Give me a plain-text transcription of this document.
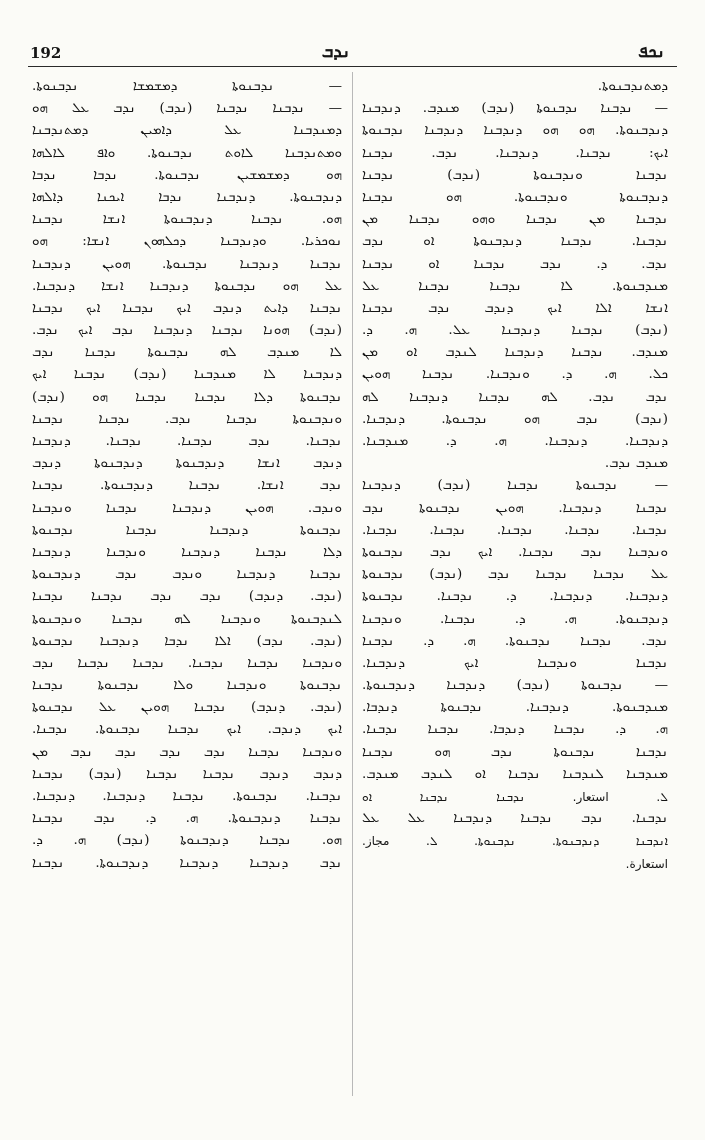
192	ܢܕܒ	ܢܟܦ
— ܢܕܒܢܘܬܐ ܕܡܫܡܫܐ ܢܕܒܢܘܬܐ.
— ܢܕܒܢܐ ܢܕܒܢܐ (ܢܕܒ) ܢܕܒ ܥܠ ܗܘ
ܕܡܢܕܒܢܐ ܥܠ ܕܐܡܝܢ ܕܡܬܢܕܒܢܐ
ܘܡܬܢܕܒܢܐ ܠܐܘܬ ܢܕܒܢܘܬܐ. ܘܐܦ ܠܐܠܗܐ
ܗܘ ܕܡܫܡܫܝܢ ܢܕܒܢܘܬܐ. ܢܕܒܐ ܢܕܒܐ
ܕܢܕܒܢܘܬܐ. ܕܢܕܒܢܐ ܢܕܒܐ ܐܝܟܢܐ ܕܐܠܗܐ
ܗܘ. ܢܕܒܢܐ ܕܢܕܒܢܘܬܐ ܐܢܫܐ ܢܕܒܢܐ
ܢܘܟܪܝܐ. ܘܕܢܕܒܢܐ ܕܟܠܗܘܢ ܐܢܫܐ: ܗܘ
ܢܕܒܢܐ ܕܢܕܒܢܐ ܢܕܒܢܘܬܐ. ܗܘܝܢ ܕܢܕܒܢܐ
ܥܠ ܗܘ ܢܕܒܢܘܬܐ ܕܢܕܒܢܐ ܐܢܫܐ ܕܢܕܒܢܐ.
ܢܕܒܢܐ ܕܐܝܬ ܕܢܕܒ ܐܝܟ ܢܕܒܢܐ ܐܝܟ ܢܕܒܢܐ
(ܢܕܒ) ܗܘܢܐ ܢܕܒܢܐ ܕܢܕܒܢܐ ܢܕܒ ܐܝܟ ܢܕܒ.
ܠܐ ܡܢܕܒ ܠܗ ܢܕܒܢܘܬܐ ܢܕܒܢܐ ܢܕܒ
ܕܢܕܒܢܐ ܠܐ ܡܢܕܒܢܐ (ܢܕܒ) ܢܕܒܢܐ ܐܝܟ
ܢܕܒܢܘܬܐ ܕܠܐ ܢܕܒܢܐ ܢܕܒܢܐ ܗܘ (ܢܕܒ)
ܘܢܕܒܢܘܬܐ ܢܕܒܢܐ ܢܕܒ. ܢܕܒܢܐ ܢܕܒܢܐ
ܢܕܒܢܐ. ܢܕܒ ܢܕܒܢܐ. ܢܕܒܢܐ. ܕܢܕܒܢܐ
ܕܢܕܒ ܐܢܫܐ ܕܢܕܒܢܘܬܐ ܕܢܕܒܢܘܬܐ ܕܢܕܒ
ܢܕܒ ܐܢܫܐ. ܢܕܒܢܐ ܕܢܕܒܢܘܬܐ. ܢܕܒܢܐ
ܘܢܕܒ. ܗܘܝܢ ܕܢܕܒܢܐ ܢܕܒܢܐ ܘܢܕܒܢܐ
ܢܕܒܢܘܬܐ ܕܢܕܒܢܐ ܢܕܒܢܐ ܢܕܒܢܘܬܐ
ܕܠܐ ܢܕܒܢܐ ܕܢܕܒܢܐ ܘܢܕܒܢܐ ܕܢܕܒܢܐ
ܢܕܒܢܐ ܕܢܕܒܢܐ ܘܢܕܒ ܢܕܒ ܕܢܕܒܢܘܬܐ
(ܢܕܒ. ܕܢܕܒ) ܢܕܒ ܢܕܒ ܢܕܒܢܐ ܢܕܒܢܐ
ܠܢܕܒܢܘܬܐ ܘܢܕܒܢܐ ܠܗ ܢܕܒܢܐ ܘܢܕܒܢܘܬܐ
(ܢܕܒ. ܢܕܒ) ܐܠܐ ܢܕܒܐ ܕܢܕܒܢܐ ܢܕܒܢܘܬܐ
ܘܢܕܒܢܐ ܢܕܒܢܐ ܢܕܒܢܐ. ܢܕܒܢܐ ܢܕܒܢܐ ܢܕܒ
ܢܕܒܢܘܬܐ ܘܢܕܒܢܐ ܘܠܐ ܢܕܒܢܘܬܐ ܢܕܒܢܐ
(ܢܕܒ. ܕܢܕܒ) ܢܕܒܢܐ ܗܘܝܢ ܥܠ ܢܕܒܢܘܬܐ
ܐܝܟ ܕܢܕܒ. ܐܝܟ ܢܕܒܢܐ ܢܕܒܢܘܬܐ. ܢܕܒܢܐ.
ܘܢܕܒܢܐ ܢܕܒܢܐ ܢܕܒ ܢܕܒ ܢܕܒ ܢܕܒ ܡܢ
ܕܢܕܒ ܕܢܕܒ ܢܕܒܢܐ ܢܕܒܢܐ (ܢܕܒ) ܢܕܒܢܐ
ܢܕܒܢܐ. ܢܕܒܢܘܬܐ. ܢܕܒܢܐ ܕܢܕܒܢܐ. ܕܢܕܒܢܐ.
ܢܕܒܢܐ ܕܢܕܒܢܘܬܐ. ܗ. ܕ. ܢܕܒ ܢܕܒܢܐ
ܗܘ. ܢܕܒܢܐ ܕܢܕܒܢܘܬܐ (ܢܕܒ) ܗ. ܕ.
ܢܕܒ ܕܢܕܒܢܐ ܕܢܕܒܢܐ ܕܢܕܒܢܘܬܐ. ܢܕܒܢܐ
ܕܡܬܢܕܒܢܘܬܐ.
— ܢܕܒܢܐ ܢܕܒܢܘܬܐ (ܢܕܒ) ܡܢܕܒ. ܕܢܕܒܢܐ
ܕܢܕܒܢܘܬܐ. ܗܘ ܗܘ ܕܢܕܒܢܐ ܕܢܕܒܢܐ ܢܕܒܢܘܬܐ
ܐܝܟ: ܢܕܒܢܐ. ܕܢܕܒܢܐ. ܢܕܒ. ܢܕܒܢܐ
ܢܕܒܢܐ ܘܢܕܒܢܘܬܐ (ܢܕܒ) ܢܕܒܢܐ
ܕܢܕܒܢܘܬܐ ܘܢܕܒܢܘܬܐ. ܗܘ ܢܕܒܢܐ
ܢܕܒܢܐ ܡܢ ܢܕܒܢܐ ܘܗܘ ܢܕܒܢܐ ܡܢ
ܢܕܒܢܐ. ܢܕܒܢܐ ܕܢܕܒܢܘܬܐ ܐܘ ܢܕܒ
ܢܕܒ. ܕ. ܢܕܒ ܢܕܒܢܐ ܐܘ ܢܕܒܢܐ
ܡܢܕܒܢܘܬܐ. ܠܐ ܢܕܒܢܐ ܢܕܒܢܐ ܥܠ
ܐܢܫܐ ܐܠܐ ܐܝܟ ܕܢܕܒ ܢܕܒ ܢܕܒܢܐ
(ܢܕܒ) ܢܕܒܢܐ ܕܢܕܒܢܐ ܥܠ. ܗ. ܕ.
ܡܢܕܒ. ܢܕܒܢܐ ܕܢܕܒܢܐ ܠܢܕܒ ܐܘ ܡܢ
ܟܠ. ܗ. ܕ. ܘܢܕܒܢܐ. ܢܕܒܢܐ ܗܘܝܢ
ܢܕܒ ܢܕܒ. ܠܗ ܢܕܒܢܐ ܕܢܕܒܢܐ ܠܗ
(ܢܕܒ) ܢܕܒ ܗܘ ܢܕܒܢܘܬܐ. ܕܢܕܒܢܐ.
ܕܢܕܒܢܐ. ܕܢܕܒܢܐ. ܗ. ܕ. ܡܢܕܒܢܐ.
ܡܢܕܒ ܢܕܒ.
— ܢܕܒܢܘܬܐ ܢܕܒܢܐ (ܢܕܒ) ܕܢܕܒܢܐ
ܢܕܒܢܐ ܕܢܕܒܢܐ. ܗܘܝܢ ܢܕܒܢܘܬܐ ܢܕܒ
ܢܕܒܢܐ. ܢܕܒܢܐ. ܢܕܒܢܐ. ܢܕܒܢܐ. ܢܕܒܢܐ.
ܘܢܕܒܢܐ ܢܕܒ ܢܕܒܢܐ. ܐܝܟ ܢܕܒ ܢܕܒܢܘܬܐ
ܥܠ ܢܕܒܢܐ ܢܕܒܢܐ ܢܕܒ (ܢܕܒ) ܢܕܒܢܘܬܐ
ܕܢܕܒܢܐ. ܕܢܕܒܢܐ. ܕ. ܢܕܒܢܐ. ܢܕܒܢܘܬܐ
ܕܢܕܒܢܘܬܐ. ܗ. ܕ. ܢܕܒܢܐ. ܘܢܕܒܢܐ
ܢܕܒ. ܢܕܒܢܐ ܢܕܒܢܘܬܐ. ܗ. ܕ. ܢܕܒܢܐ
ܢܕܒܢܐ ܘܢܕܒܢܐ ܐܝܟ ܕܢܕܒܢܐ.
— ܢܕܒܢܘܬܐ (ܢܕܒ) ܕܢܕܒܢܐ ܕܢܕܒܢܘܬܐ.
ܡܢܕܒܢܘܬܐ. ܕܢܕܒܢܐ. ܢܕܒܢܘܬܐ ܕܢܕܒܐ.
ܗ. ܕ. ܢܕܒܢܐ ܕܢܕܒܐ. ܢܕܒܢܐ ܢܕܒܢܐ.
ܢܕܒܢܐ ܢܕܒܢܘܬܐ ܢܕܒ ܗܘ ܢܕܒܢܐ
ܡܢܕܒܢܐ ܠܢܕܒܢܐ ܢܕܒܢܐ ܐܘ ܠܢܕܒ ܡܢܕܒ.
ܠ. استعار. ܢܕܒܢܐ ܢܕܒܢܐ ܐܘ
ܢܕܒܢܐ. ܢܕܒ ܢܕܒܢܐ ܕܢܕܒܢܐ ܥܠ ܥܠ
ܐܢܕܒܢܐ ܕܢܕܒܢܘܬܐ. ܢܕܒܢܘܬܐ. ܠ. مجاز.
استعارة.
